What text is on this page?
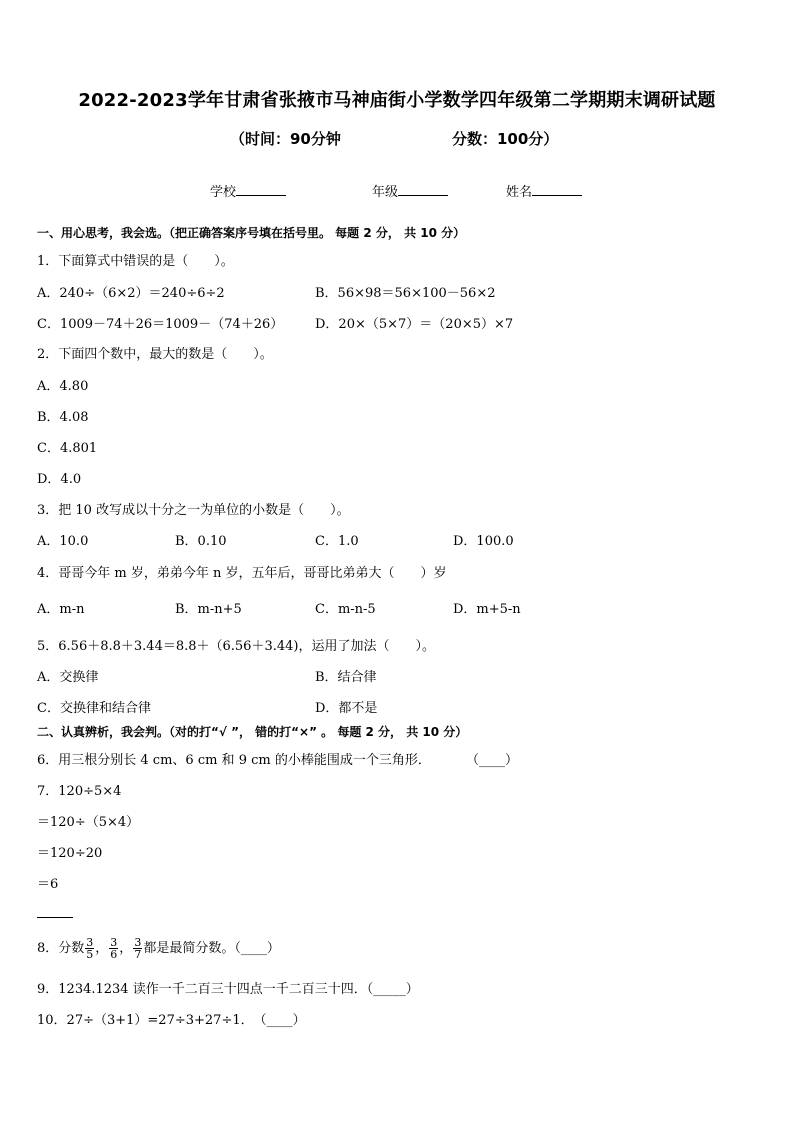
2022-2023学年甘肃省张掖市马神庙街小学数学四年级第二学期期末调研试题
（时间：90分钟	分数：100分）
学校	年级	姓名
一、用心思考，我会选。（把正确答案序号填在括号里。 每题 2 分， 共 10 分）
1．下面算式中错误的是（　　）。
A．240÷（6×2）＝240÷6÷2	B．56×98＝56×100－56×2
C．1009－74＋26＝1009－（74＋26） D．20×（5×7）＝（20×5）×7
2．下面四个数中，最大的数是（　　）。
A．4.80
B．4.08
C．4.801
D．4.0
3．把 10 改写成以十分之一为单位的小数是（　　）。
A．10.0	B．0.10	C．1.0	D．100.0
4．哥哥今年 m 岁，弟弟今年 n 岁，五年后，哥哥比弟弟大（　　）岁
A．m-n	B．m-n+5	C．m-n-5	D．m+5-n
5．6.56＋8.8＋3.44＝8.8＋（6.56＋3.44)，运用了加法（　　）。
A．交换律	B．结合律
C．交换律和结合律	D．都不是
二、认真辨析，我会判。（对的打“√ ”， 错的打“×” 。 每题 2 分， 共 10 分）
6．用三根分别长 4 cm、6 cm 和 9 cm 的小棒能围成一个三角形．	（____）
7．120÷5×4
＝120÷（5×4）
＝120÷20
＝6
8．分数 $\frac{3}{5}$ ， $\frac{3}{6}$ ， $\frac{3}{7}$ 都是最简分数。（____）
9．1234.1234 读作一千二百三十四点一千二百三十四．（_____）
10．27÷（3+1）=27÷3+27÷1．　（____）
